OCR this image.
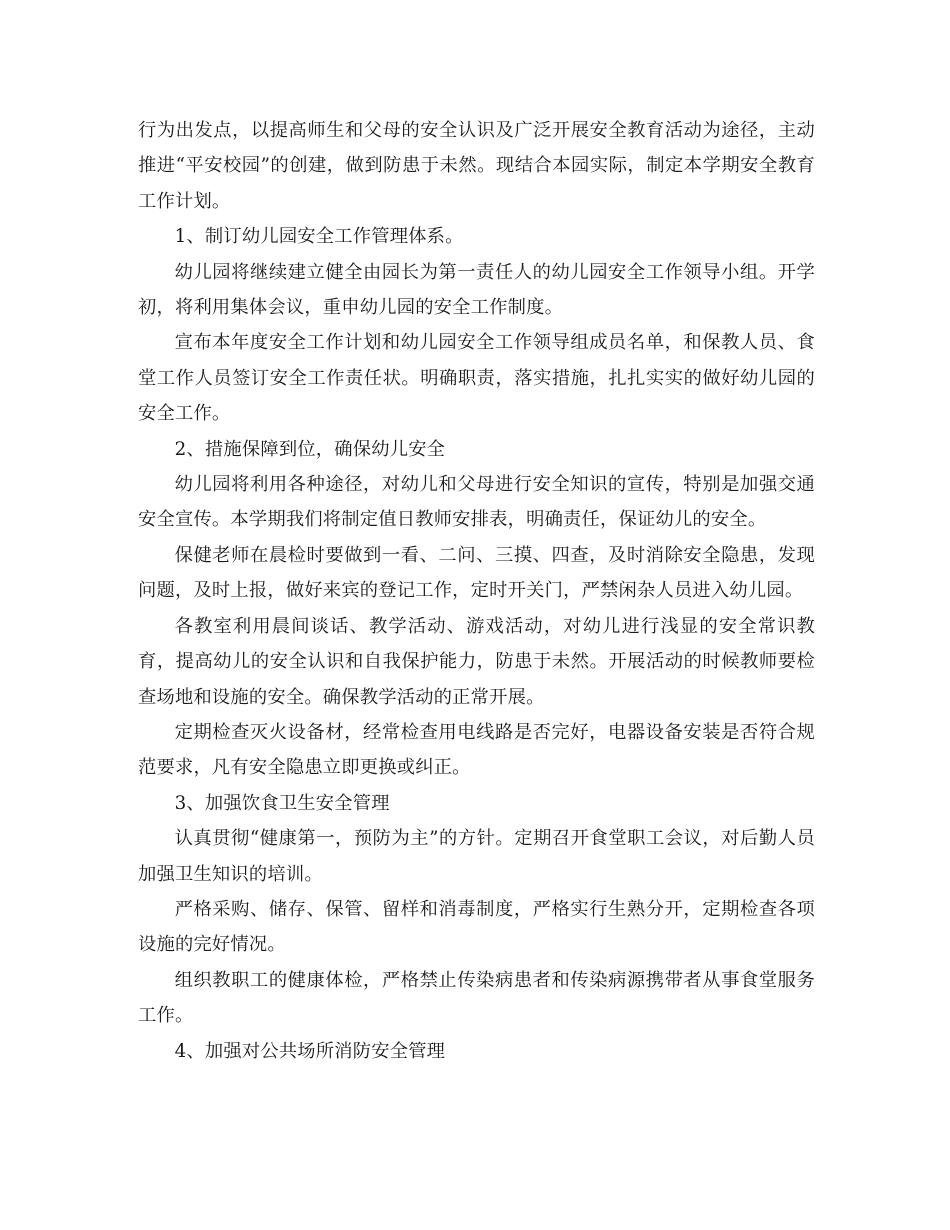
行为出发点，以提高师生和父母的安全认识及广泛开展安全教育活动为途径，主动推进“平安校园”的创建，做到防患于未然。现结合本园实际，制定本学期安全教育工作计划。

1、制订幼儿园安全工作管理体系。

幼儿园将继续建立健全由园长为第一责任人的幼儿园安全工作领导小组。开学初，将利用集体会议，重申幼儿园的安全工作制度。

宣布本年度安全工作计划和幼儿园安全工作领导组成员名单，和保教人员、食堂工作人员签订安全工作责任状。明确职责，落实措施，扎扎实实的做好幼儿园的安全工作。

2、措施保障到位，确保幼儿安全

幼儿园将利用各种途径，对幼儿和父母进行安全知识的宣传，特别是加强交通安全宣传。本学期我们将制定值日教师安排表，明确责任，保证幼儿的安全。

保健老师在晨检时要做到一看、二问、三摸、四查，及时消除安全隐患，发现问题，及时上报，做好来宾的登记工作，定时开关门，严禁闲杂人员进入幼儿园。

各教室利用晨间谈话、教学活动、游戏活动，对幼儿进行浅显的安全常识教育，提高幼儿的安全认识和自我保护能力，防患于未然。开展活动的时候教师要检查场地和设施的安全。确保教学活动的正常开展。

定期检查灭火设备材，经常检查用电线路是否完好，电器设备安装是否符合规范要求，凡有安全隐患立即更换或纠正。

3、加强饮食卫生安全管理

认真贯彻“健康第一，预防为主”的方针。定期召开食堂职工会议，对后勤人员加强卫生知识的培训。

严格采购、储存、保管、留样和消毒制度，严格实行生熟分开，定期检查各项设施的完好情况。

组织教职工的健康体检，严格禁止传染病患者和传染病源携带者从事食堂服务工作。

4、加强对公共场所消防安全管理
